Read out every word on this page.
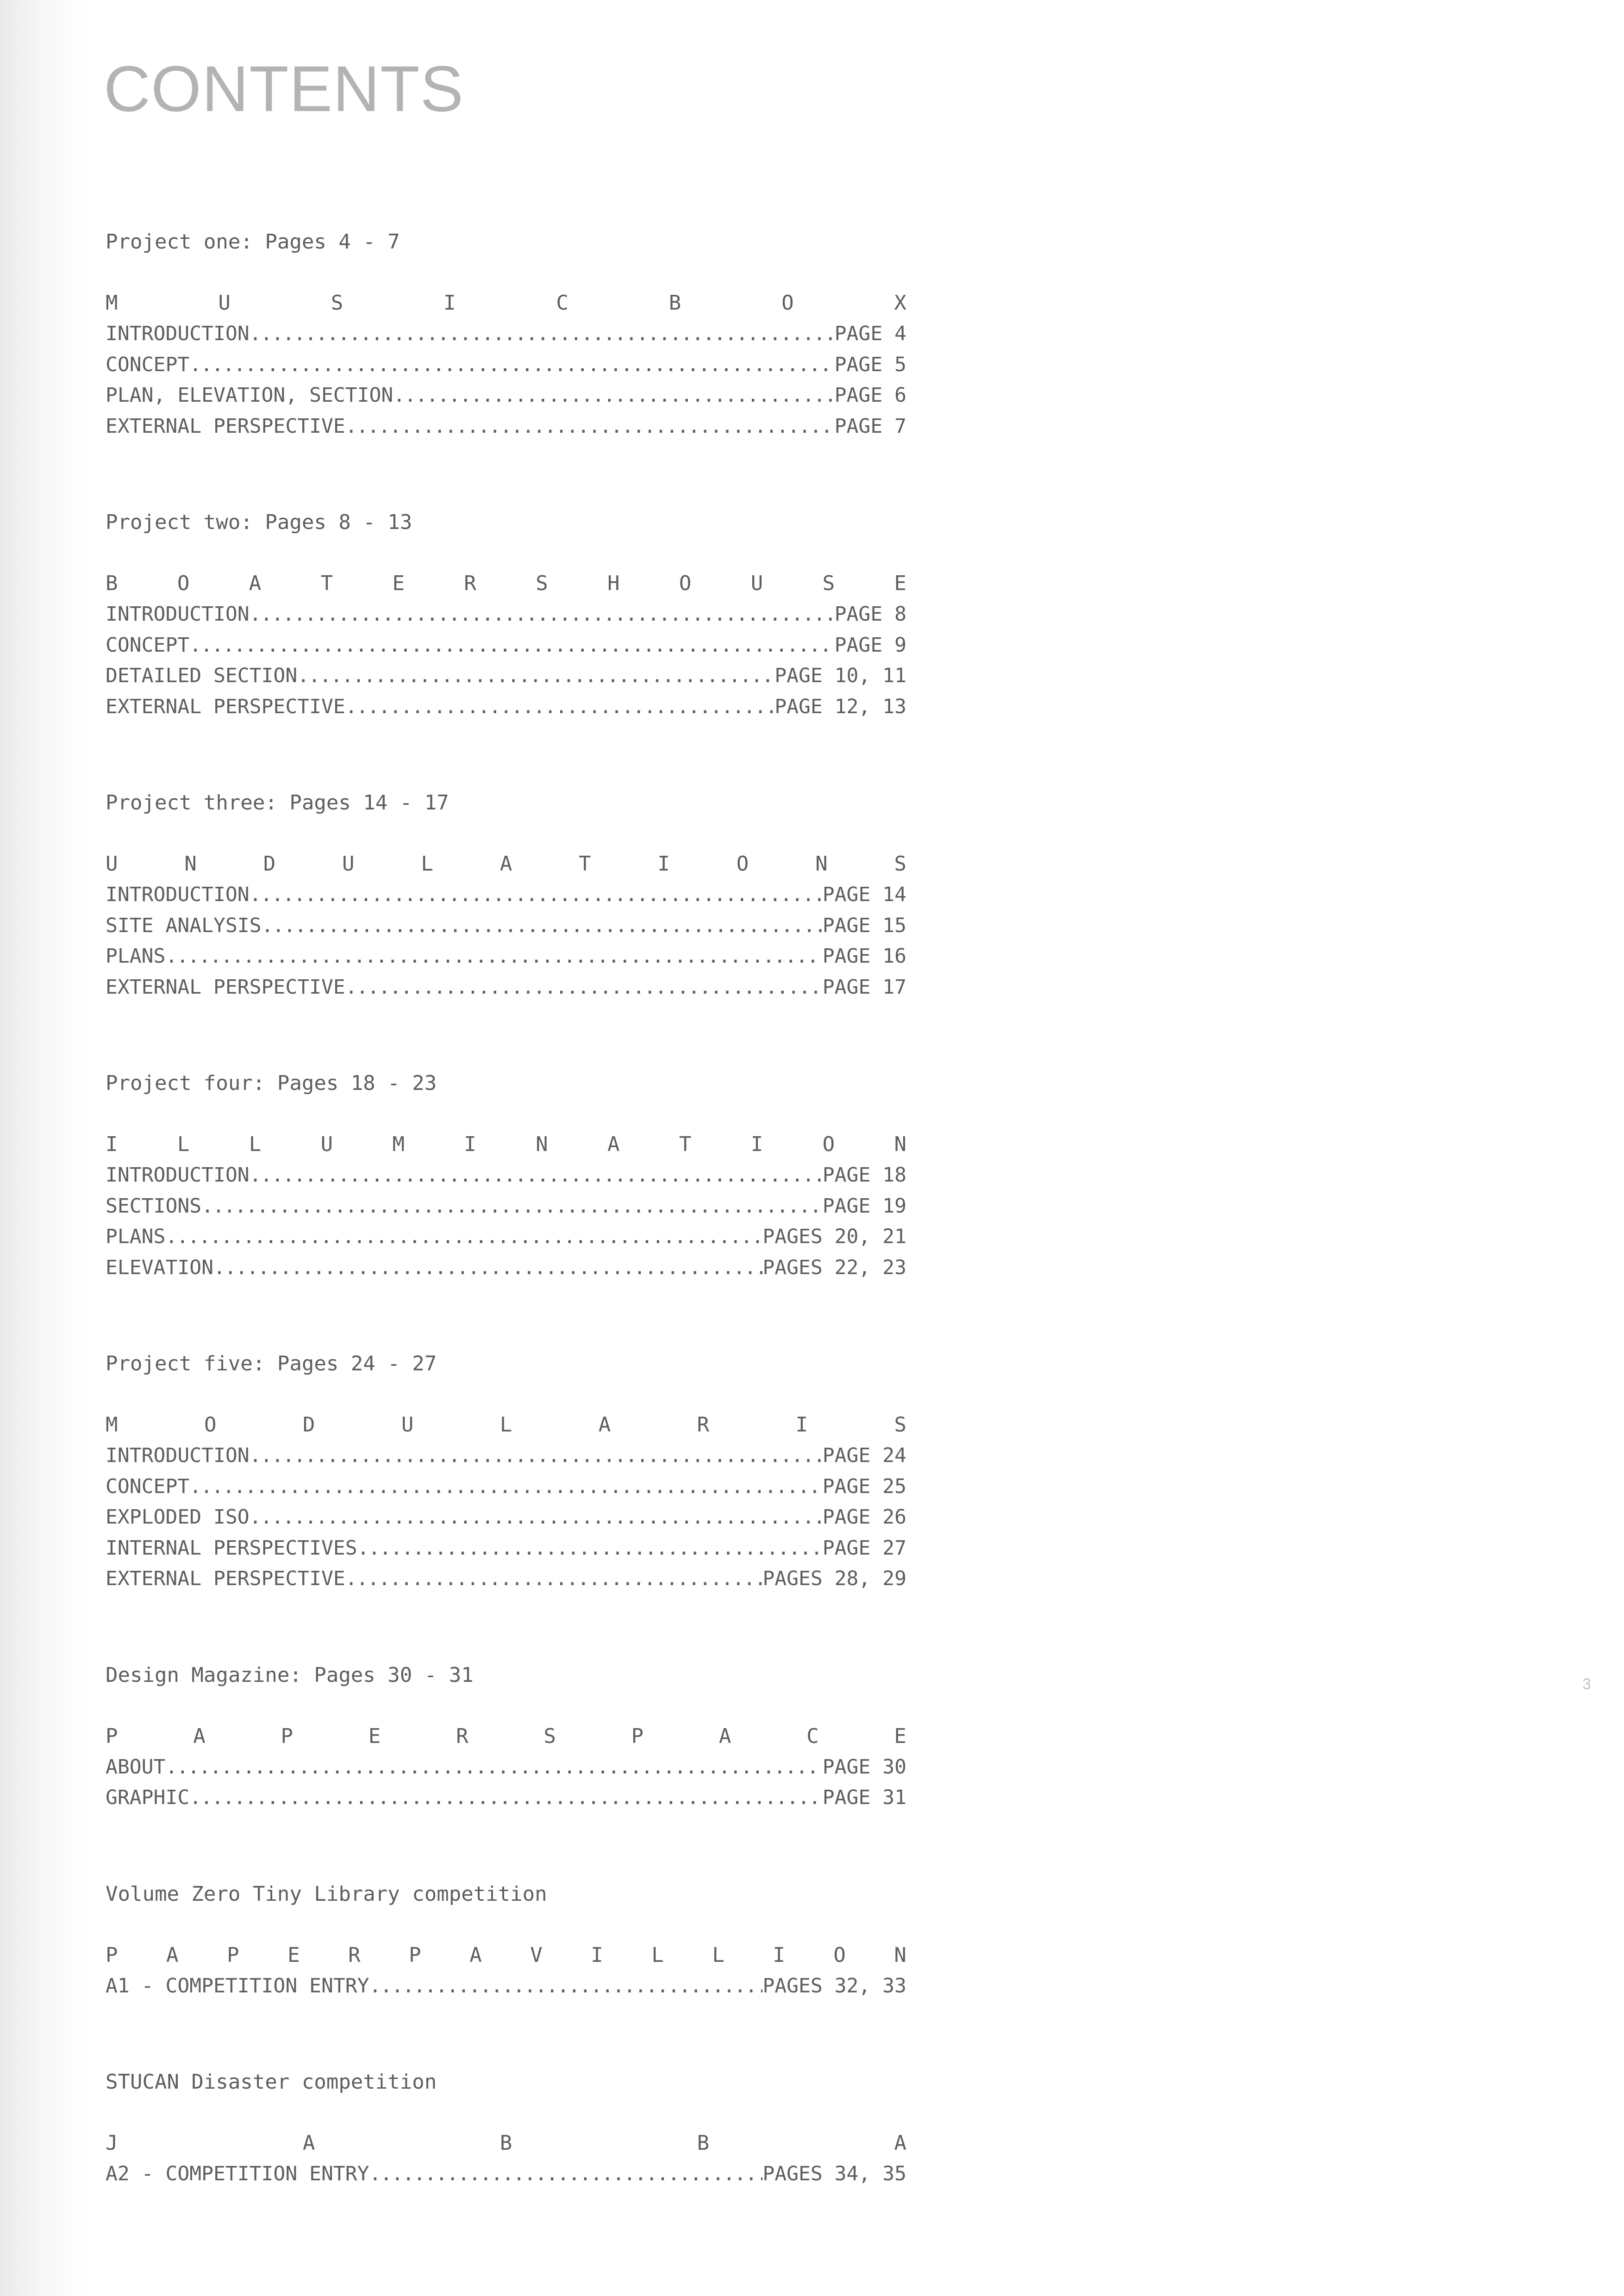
CONTENTS
Project one: Pages 4 - 7
M	U	S	I	C	B	O	X
INTRODUCTION .....	PAGE 4
CONCEPT .....	PAGE 5
PLAN, ELEVATION, SECTION .....	PAGE 6
EXTERNAL PERSPECTIVE .....	PAGE 7
Project two: Pages 8 - 13
B	O	A	T	E	R	S	H	O	U	S	E
INTRODUCTION .....	PAGE 8
CONCEPT .....	PAGE 9
DETAILED SECTION .....	PAGE 10, 11
EXTERNAL PERSPECTIVE .....	PAGE 12, 13
Project three: Pages 14 - 17
U	N	D	U	L	A	T	I	O	N	S
INTRODUCTION .....	PAGE 14
SITE ANALYSIS .....	PAGE 15
PLANS .....	PAGE 16
EXTERNAL PERSPECTIVE .....	PAGE 17
Project four: Pages 18 - 23
I	L	L	U	M	I	N	A	T	I	O	N
INTRODUCTION .....	PAGE 18
SECTIONS .....	PAGE 19
PLANS .....	PAGES 20, 21
ELEVATION .....	PAGES 22, 23
Project five: Pages 24 - 27
M	O	D	U	L	A	R	I	S
INTRODUCTION .....	PAGE 24
CONCEPT .....	PAGE 25
EXPLODED ISO .....	PAGE 26
INTERNAL PERSPECTIVES .....	PAGE 27
EXTERNAL PERSPECTIVE .....	PAGES 28, 29
Design Magazine: Pages 30 - 31
P	A	P	E	R	S	P	A	C	E
ABOUT .....	PAGE 30
GRAPHIC .....	PAGE 31
Volume Zero Tiny Library competition
P A P E R P A V I L L I O N
A1 - COMPETITION ENTRY .....	PAGES 32, 33
STUCAN Disaster competition
J	A	B	B	A
A2 - COMPETITION ENTRY .....	PAGES 34, 35
3
